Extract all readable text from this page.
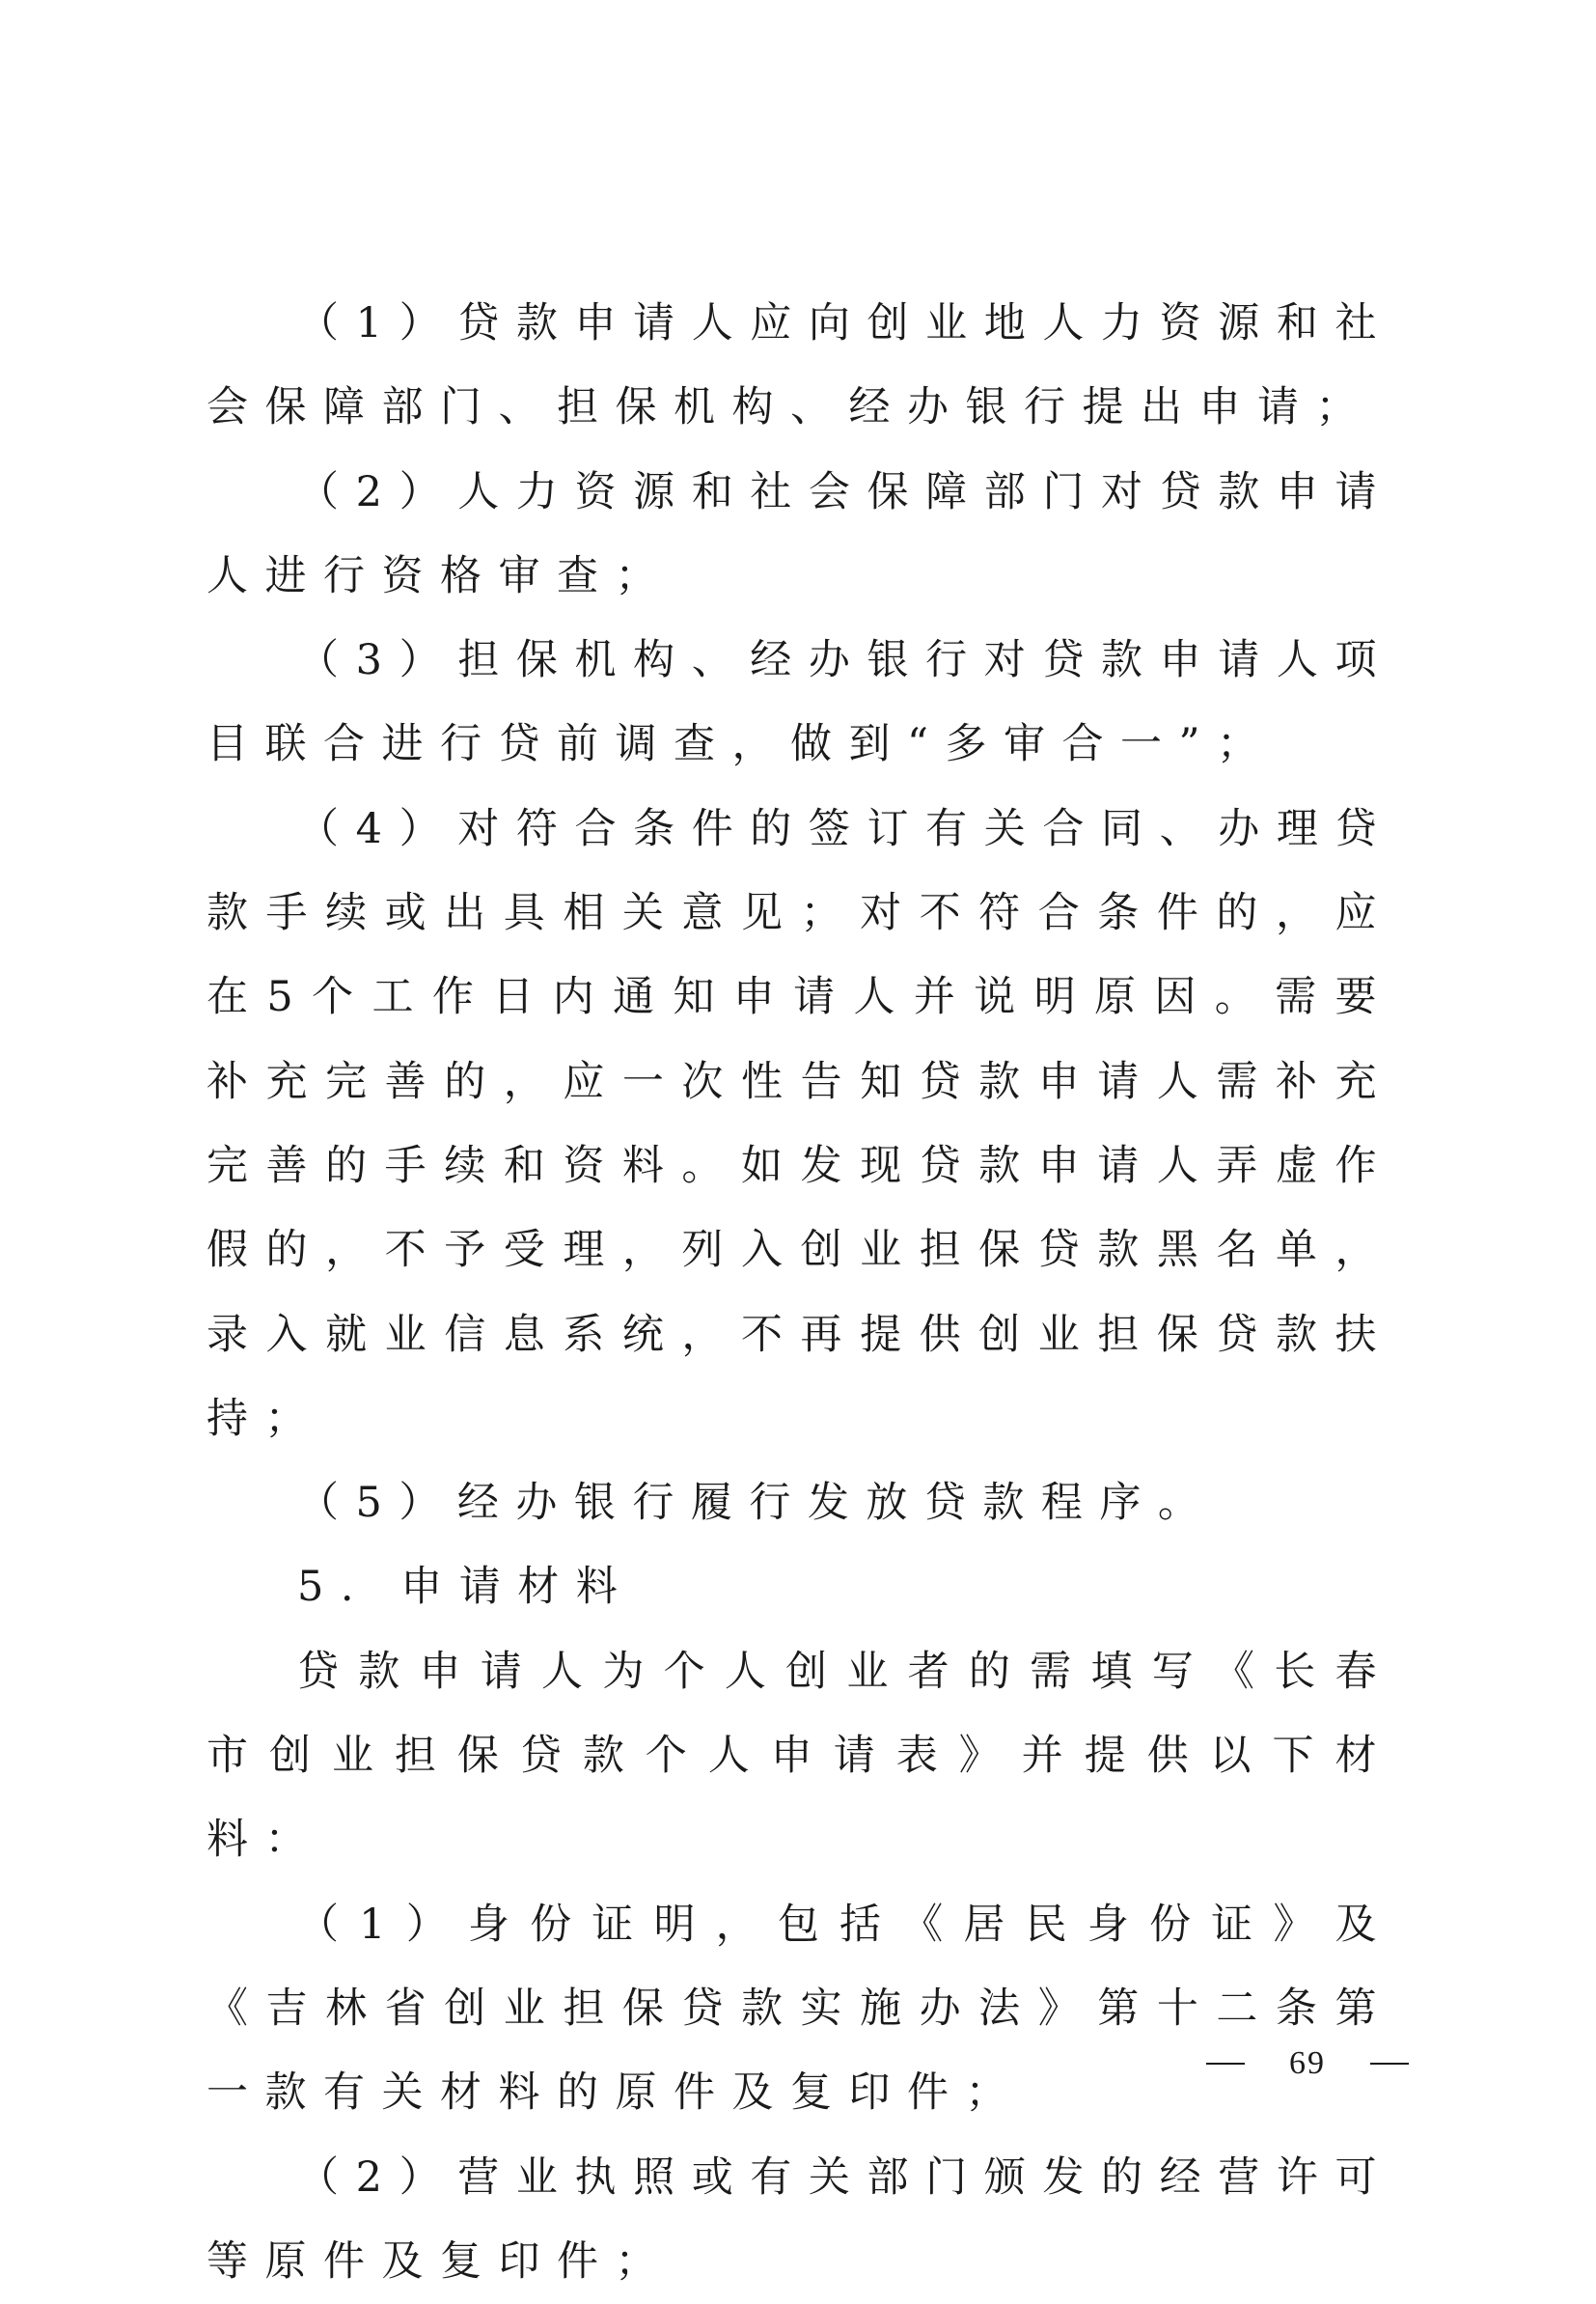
（1）贷款申请人应向创业地人力资源和社会保障部门、担保机构、经办银行提出申请；

（2）人力资源和社会保障部门对贷款申请人进行资格审查；

（3）担保机构、经办银行对贷款申请人项目联合进行贷前调查，做到“多审合一”；

（4）对符合条件的签订有关合同、办理贷款手续或出具相关意见；对不符合条件的，应在5个工作日内通知申请人并说明原因。需要补充完善的，应一次性告知贷款申请人需补充完善的手续和资料。如发现贷款申请人弄虚作假的，不予受理，列入创业担保贷款黑名单，录入就业信息系统，不再提供创业担保贷款扶持；

（5）经办银行履行发放贷款程序。

5. 申请材料

贷款申请人为个人创业者的需填写《长春市创业担保贷款个人申请表》并提供以下材料：

（1）身份证明，包括《居民身份证》及《吉林省创业担保贷款实施办法》第十二条第一款有关材料的原件及复印件；

（2）营业执照或有关部门颁发的经营许可等原件及复印件；

69
